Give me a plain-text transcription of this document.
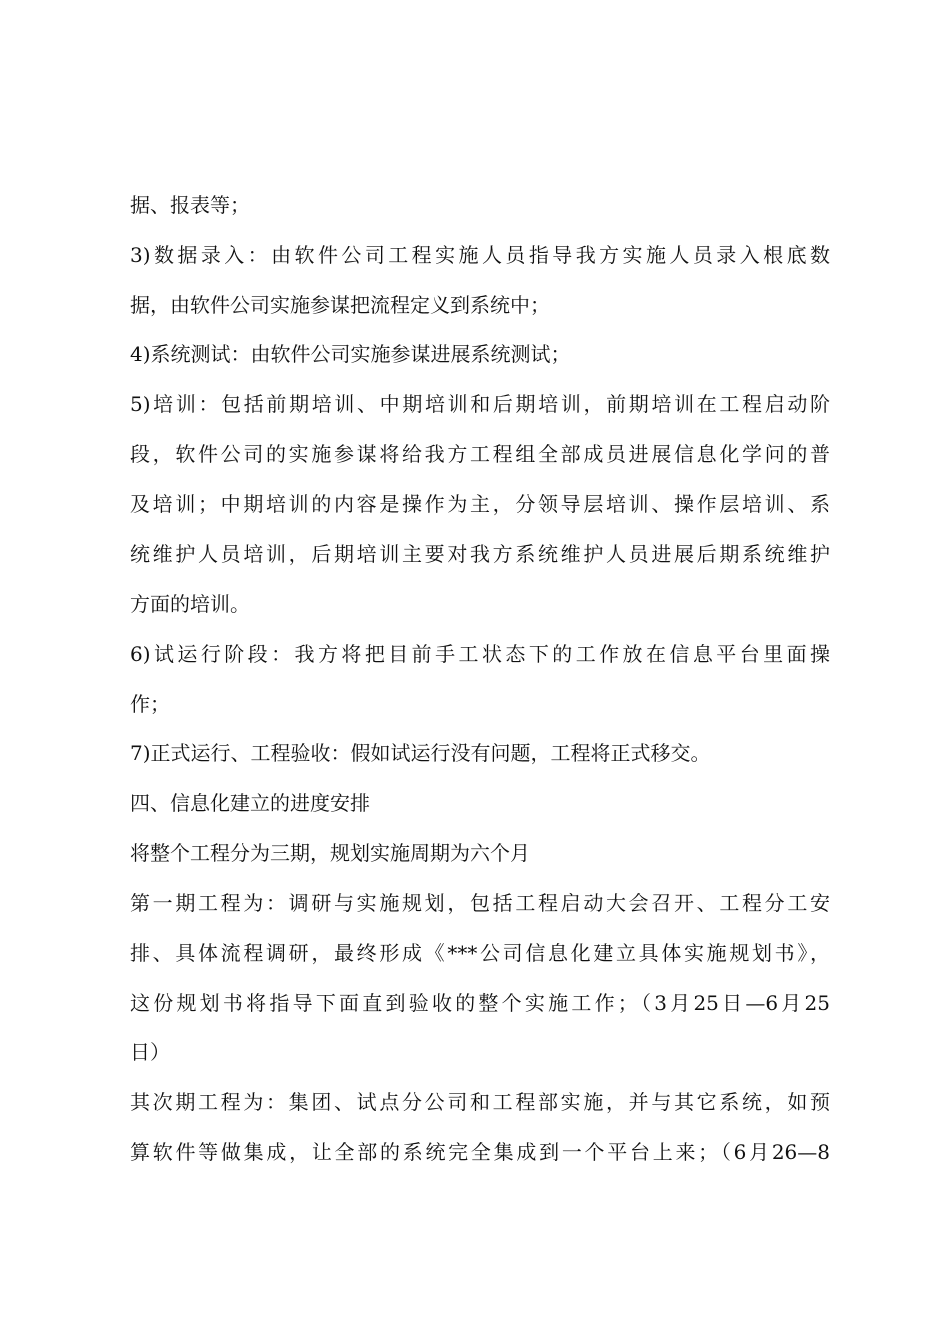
据、报表等；
3)数据录入：由软件公司工程实施人员指导我方实施人员录入根底数
据，由软件公司实施参谋把流程定义到系统中；
4)系统测试：由软件公司实施参谋进展系统测试；
5)培训：包括前期培训、中期培训和后期培训，前期培训在工程启动阶
段，软件公司的实施参谋将给我方工程组全部成员进展信息化学问的普
及培训；中期培训的内容是操作为主，分领导层培训、操作层培训、系
统维护人员培训，后期培训主要对我方系统维护人员进展后期系统维护
方面的培训。
6)试运行阶段：我方将把目前手工状态下的工作放在信息平台里面操
作；
7)正式运行、工程验收：假如试运行没有问题，工程将正式移交。
四、信息化建立的进度安排
将整个工程分为三期，规划实施周期为六个月
第一期工程为：调研与实施规划，包括工程启动大会召开、工程分工安
排、具体流程调研，最终形成《***公司信息化建立具体实施规划书》，
这份规划书将指导下面直到验收的整个实施工作；（3月25日—6月25
日）
其次期工程为：集团、试点分公司和工程部实施，并与其它系统，如预
算软件等做集成，让全部的系统完全集成到一个平台上来；（6月26—8
